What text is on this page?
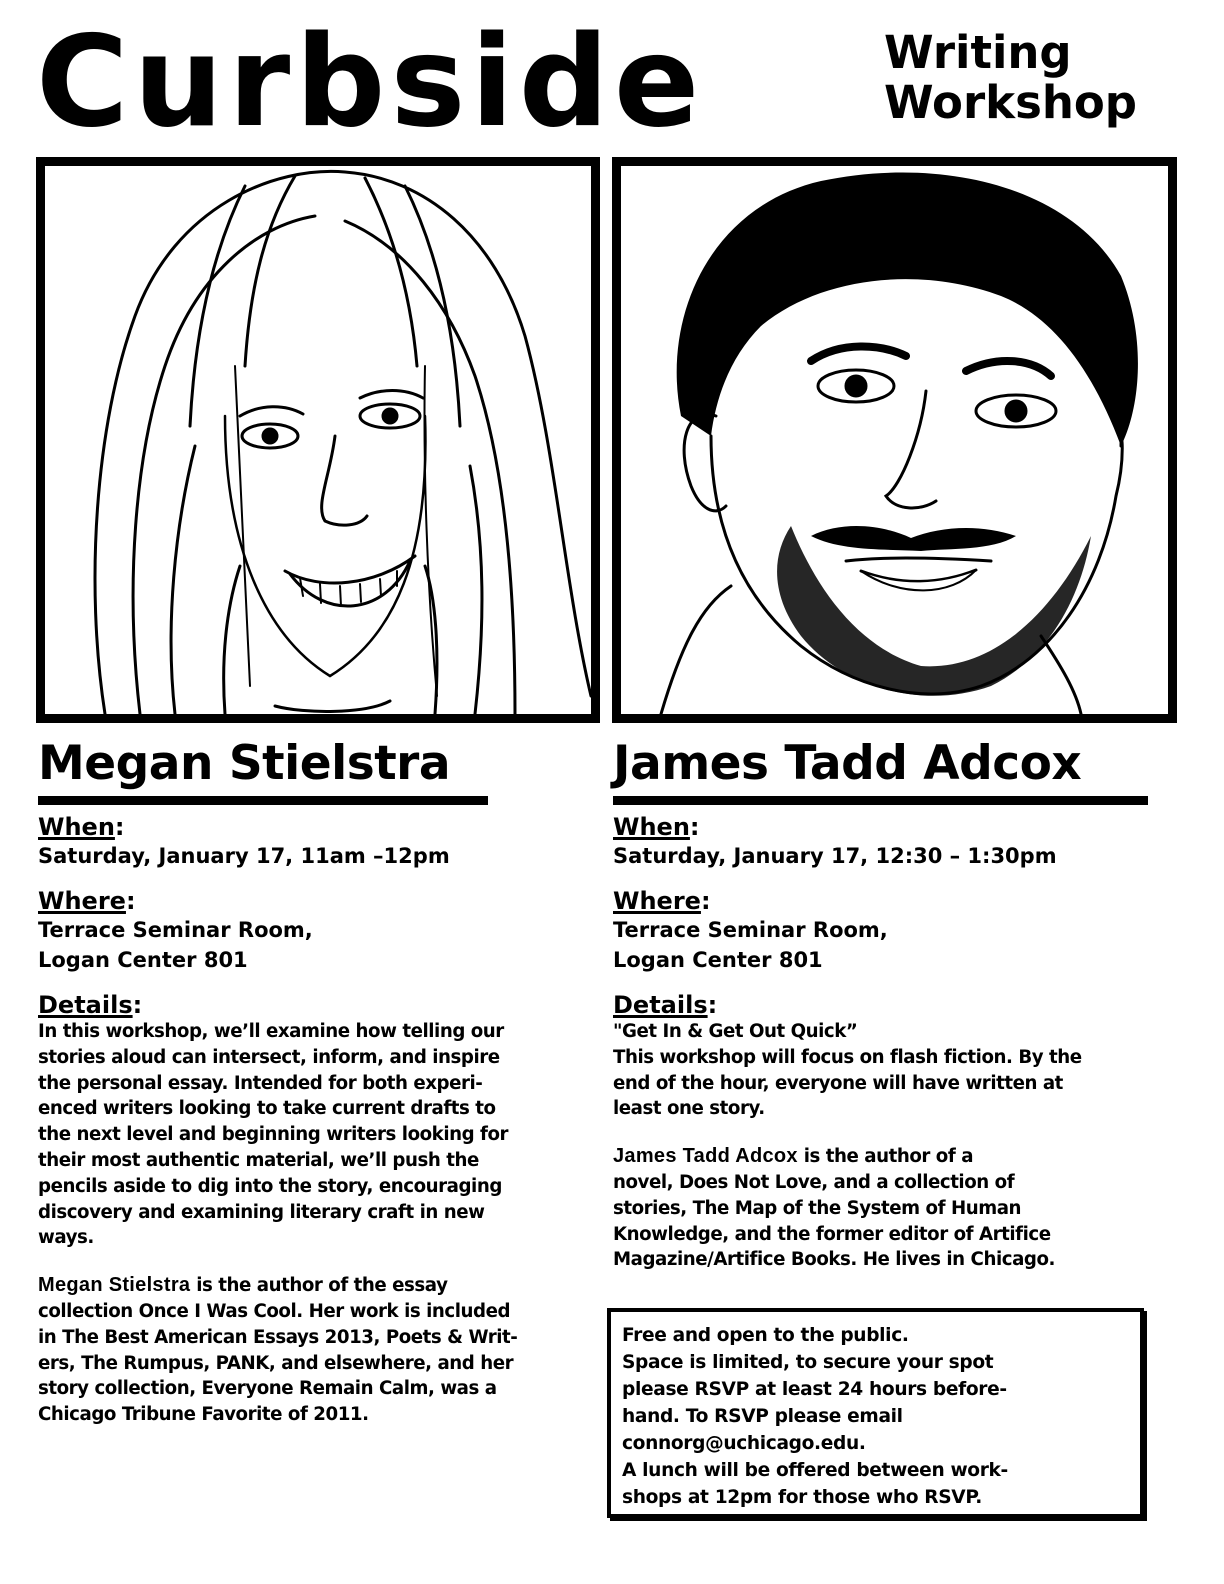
Curbside	Writing
Workshop
Megan Stielstra
When:
Saturday, January 17, 11am –12pm
Where:
Terrace Seminar Room,
Logan Center 801
Details:

In this workshop, we’ll examine how telling our
stories aloud can intersect, inform, and inspire
the personal essay. Intended for both experi-
enced writers looking to take current drafts to
the next level and beginning writers looking for
their most authentic material, we’ll push the
pencils aside to dig into the story, encouraging
discovery and examining literary craft in new
ways.

Megan Stielstra is the author of the essay
collection Once I Was Cool. Her work is included
in The Best American Essays 2013, Poets & Writ-
ers, The Rumpus, PANK, and elsewhere, and her
story collection, Everyone Remain Calm, was a
Chicago Tribune Favorite of 2011.

James Tadd Adcox
When:
Saturday, January 17, 12:30 – 1:30pm
Where:
Terrace Seminar Room,
Logan Center 801
Details:

"Get In & Get Out Quick”
This workshop will focus on flash fiction. By the
end of the hour, everyone will have written at
least one story.

James Tadd Adcox is the author of a
novel, Does Not Love, and a collection of
stories, The Map of the System of Human
Knowledge, and the former editor of Artifice
Magazine/Artifice Books. He lives in Chicago.

Free and open to the public.
Space is limited, to secure your spot
please RSVP at least 24 hours before-
hand. To RSVP please email
connorg@uchicago.edu.
A lunch will be offered between work-
shops at 12pm for those who RSVP.
